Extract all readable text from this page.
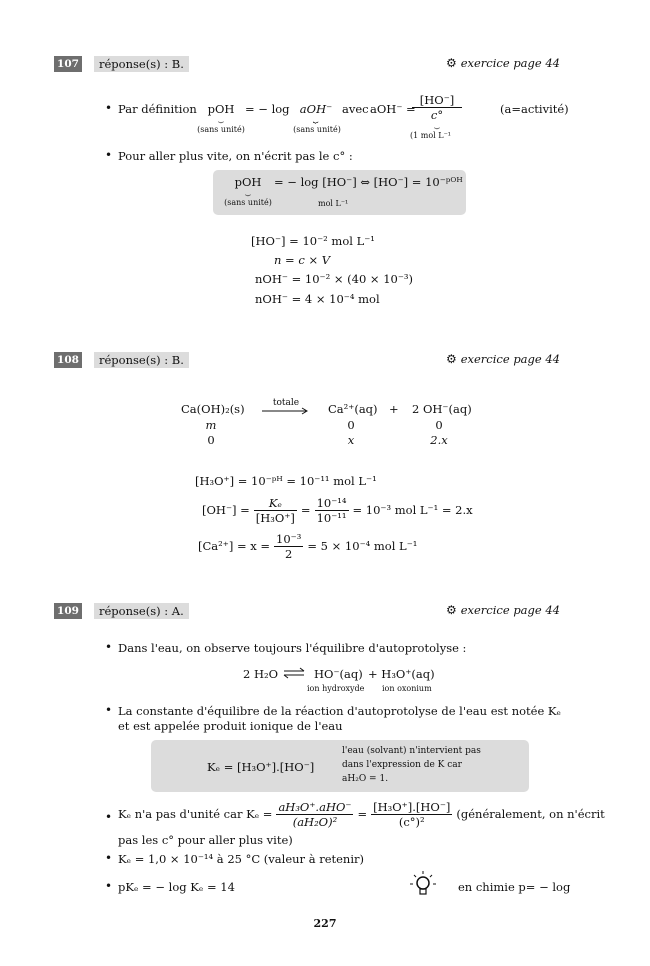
107	réponse(s) : B.	⚙ exercice page 44
• Par définition pOH
⏟
(sans unité)
= − log aOH⁻
⏟
(sans unité)
avec aOH⁻ =
[HO⁻]
c°
⏟
(1 mol L⁻¹
(a=activité)
• Pour aller plus vite, on n'écrit pas le c° :
pOH
⏟
(sans unité)
= − log [HO⁻] ⇔ [HO⁻] = 10⁻ᵖᴼᴴ
mol L⁻¹
[HO⁻] = 10⁻² mol L⁻¹
n = c × V
nOH⁻ = 10⁻² × (40 × 10⁻³)
nOH⁻ = 4 × 10⁻⁴ mol
108	réponse(s) : B.	⚙ exercice page 44
Ca(OH)₂(s)	totale	Ca²⁺(aq) + 2 OH⁻(aq)
m	0	0
0	x	2.x
[H₃O⁺] = 10⁻ᵖᴴ = 10⁻¹¹ mol L⁻¹
$[OH^-] = \frac{\text{Kₑ}}{\text{[H₃O⁺]}} = \frac{\text{10⁻¹⁴}}{\text{10⁻¹¹}} = 10^{-3}$ mol L⁻¹ = 2.x
$[Ca^{2+}] = x = \frac{\text{10⁻³}}{2} = 5 \times 10^{-4}$ mol L⁻¹
109	réponse(s) : A.	⚙ exercice page 44
• Dans l'eau, on observe toujours l'équilibre d'autoprotolyse :
2 H₂O ⇌ HO⁻(aq) + H₃O⁺(aq)
ion hydroxyde ion oxonium
• La constante d'équilibre de la réaction d'autoprotolyse de l'eau est notée Kₑ et est appelée produit ionique de l'eau
Kₑ = [H₃O⁺].[HO⁻]
l'eau (solvant) n'intervient pas
dans l'expression de K car
aH₂O = 1.
• Kₑ n'a pas d'unité car $K_e = \frac{\text{aH₃O⁺.aHO⁻}}{\text{(aH₂O)²}} = \frac{\text{[H₃O⁺].[HO⁻]}}{\text{(c°)²}}$ (généralement, on n'écrit
pas les c° pour aller plus vite)
• Kₑ = 1,0 × 10⁻¹⁴ à 25 °C (valeur à retenir)
• pKₑ = − log Kₑ = 14	en chimie p= − log
227
